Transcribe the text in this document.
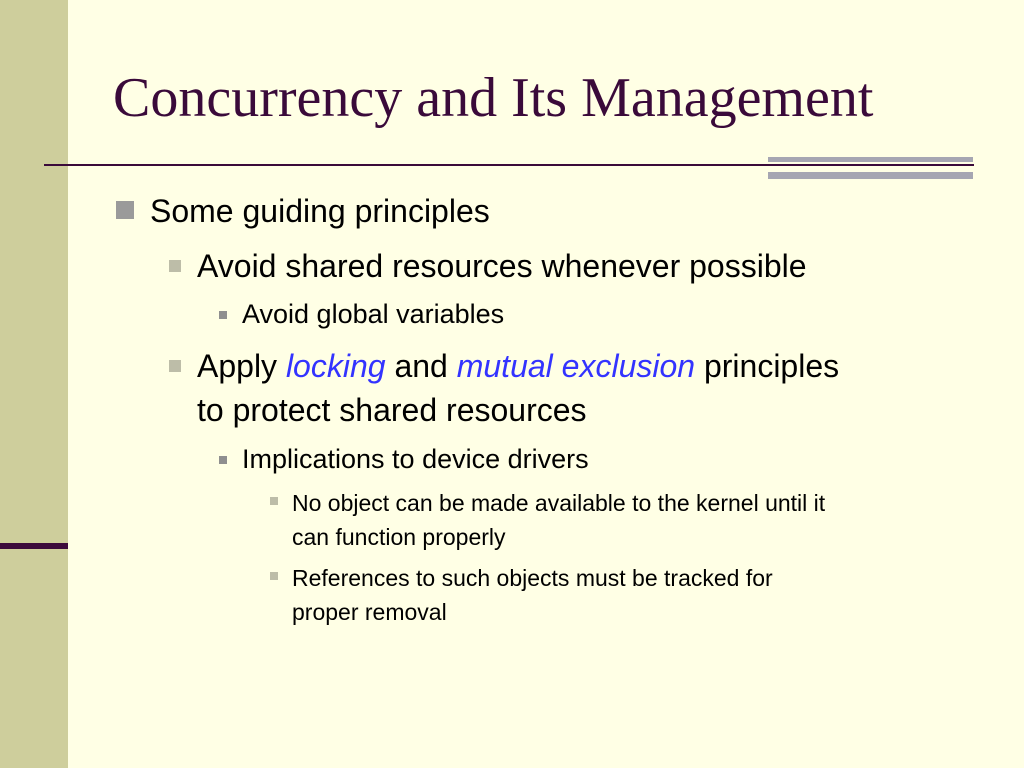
Concurrency and Its Management
Some guiding principles
Avoid shared resources whenever possible
Avoid global variables
Apply locking and mutual exclusion principles
to protect shared resources
Implications to device drivers
No object can be made available to the kernel until it
can function properly
References to such objects must be tracked for
proper removal
